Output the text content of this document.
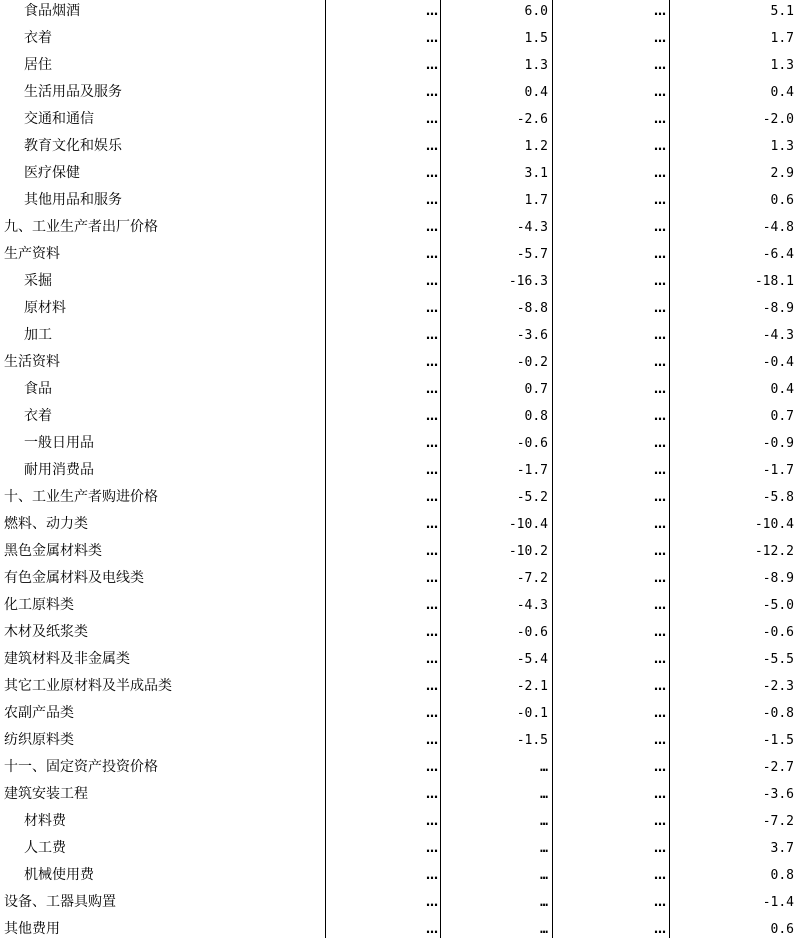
食品烟酒	…	6.0	…	5.1
衣着	…	1.5	…	1.7
居住	…	1.3	…	1.3
生活用品及服务	…	0.4	…	0.4
交通和通信	…	-2.6	…	-2.0
教育文化和娱乐	…	1.2	…	1.3
医疗保健	…	3.1	…	2.9
其他用品和服务	…	1.7	…	0.6
九、工业生产者出厂价格	…	-4.3	…	-4.8
生产资料	…	-5.7	…	-6.4
采掘	…	-16.3	…	-18.1
原材料	…	-8.8	…	-8.9
加工	…	-3.6	…	-4.3
生活资料	…	-0.2	…	-0.4
食品	…	0.7	…	0.4
衣着	…	0.8	…	0.7
一般日用品	…	-0.6	…	-0.9
耐用消费品	…	-1.7	…	-1.7
十、工业生产者购进价格	…	-5.2	…	-5.8
燃料、动力类	…	-10.4	…	-10.4
黑色金属材料类	…	-10.2	…	-12.2
有色金属材料及电线类	…	-7.2	…	-8.9
化工原料类	…	-4.3	…	-5.0
木材及纸浆类	…	-0.6	…	-0.6
建筑材料及非金属类	…	-5.4	…	-5.5
其它工业原材料及半成品类	…	-2.1	…	-2.3
农副产品类	…	-0.1	…	-0.8
纺织原料类	…	-1.5	…	-1.5
十一、固定资产投资价格	…	…	…	-2.7
建筑安装工程	…	…	…	-3.6
材料费	…	…	…	-7.2
人工费	…	…	…	3.7
机械使用费	…	…	…	0.8
设备、工器具购置	…	…	…	-1.4
其他费用	…	…	…	0.6
